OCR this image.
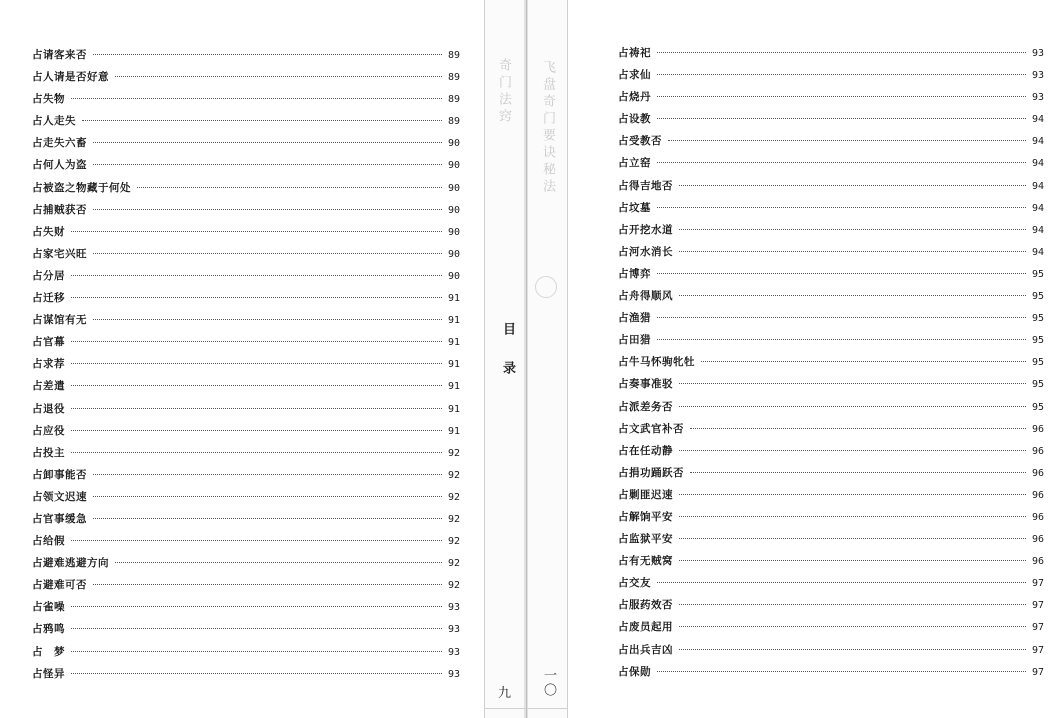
占请客来否	89
占人请是否好意	89
占失物	89
占人走失	89
占走失六畜	90
占何人为盗	90
占被盗之物藏于何处	90
占捕贼获否	90
占失财	90
占家宅兴旺	90
占分居	90
占迁移	91
占谋馆有无	91
占官幕	91
占求荐	91
占差遣	91
占退役	91
占应役	91
占投主	92
占卸事能否	92
占领文迟速	92
占官事缓急	92
占给假	92
占避难逃避方向	92
占避难可否	92
占雀噪	93
占鸦鸣	93
占　梦	93
占怪异	93
奇门法窍 飞盘奇门要诀秘法
目录
九 一〇
占祷祀	93
占求仙	93
占烧丹	93
占设教	94
占受教否	94
占立窑	94
占得吉地否	94
占坟墓	94
占开挖水道	94
占河水消长	94
占博弈	95
占舟得顺风	95
占渔猎	95
占田猎	95
占牛马怀驹牝牡	95
占奏事准驳	95
占派差务否	95
占文武官补否	96
占在任动静	96
占捐功踊跃否	96
占剿匪迟速	96
占解饷平安	96
占监狱平安	96
占有无贼窝	96
占交友	97
占服药效否	97
占废员起用	97
占出兵吉凶	97
占保勋	97
